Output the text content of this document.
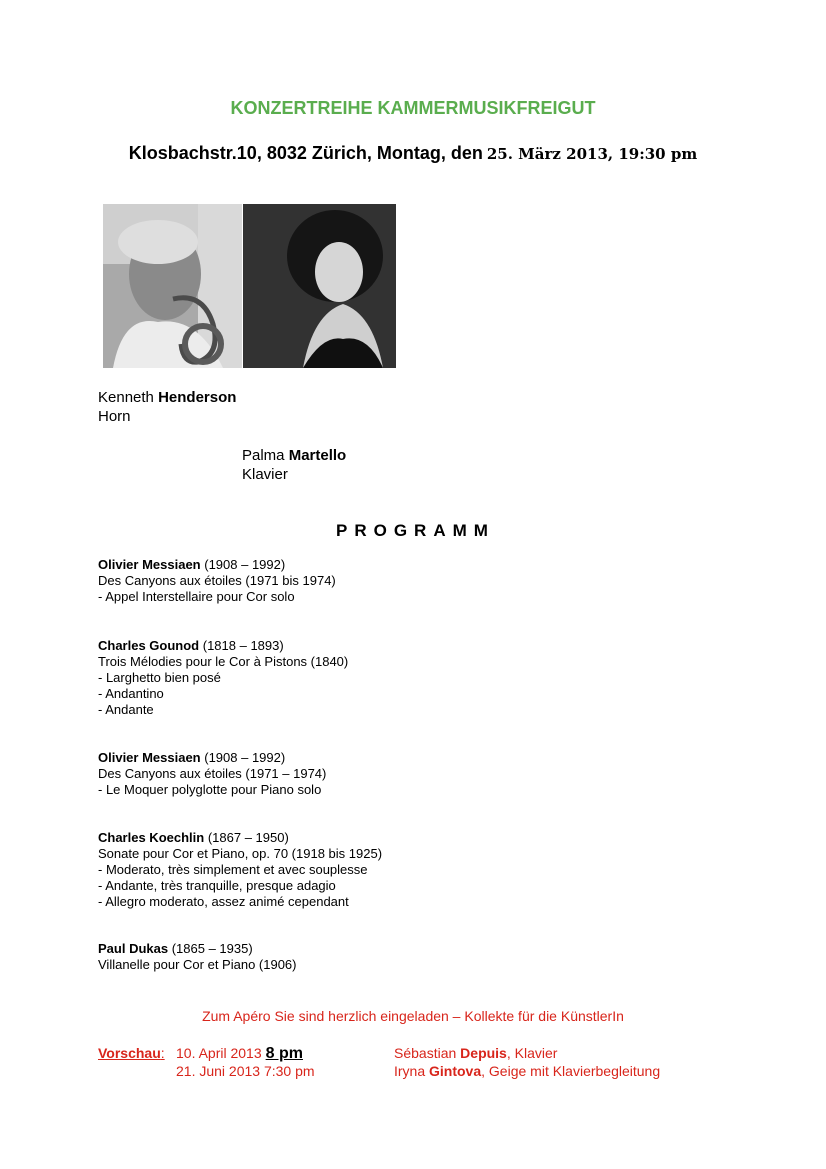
KONZERTREIHE KAMMERMUSIKFREIGUT
Klosbachstr.10, 8032 Zürich, Montag, den 25. März 2013, 19:30 pm
Kenneth Henderson
Horn
Palma Martello
Klavier
PROGRAMM
Olivier Messiaen (1908 – 1992)
Des Canyons aux étoiles (1971 bis 1974)
- Appel Interstellaire pour Cor solo
Charles Gounod (1818 – 1893)
Trois Mélodies pour le Cor à Pistons (1840)
- Larghetto bien posé
- Andantino
- Andante
Olivier Messiaen (1908 – 1992)
Des Canyons aux étoiles (1971 – 1974)
- Le Moquer polyglotte pour Piano solo
Charles Koechlin (1867 – 1950)
Sonate pour Cor et Piano, op. 70 (1918 bis 1925)
- Moderato, très simplement et avec souplesse
- Andante, très tranquille, presque adagio
- Allegro moderato, assez animé cependant
Paul Dukas (1865 – 1935)
Villanelle pour Cor et Piano (1906)
Zum Apéro Sie sind herzlich eingeladen – Kollekte für die KünstlerIn
Vorschau: 10. April 2013 8 pm
21. Juni 2013 7:30 pm
Sébastian Depuis, Klavier
Iryna Gintova, Geige mit Klavierbegleitung
